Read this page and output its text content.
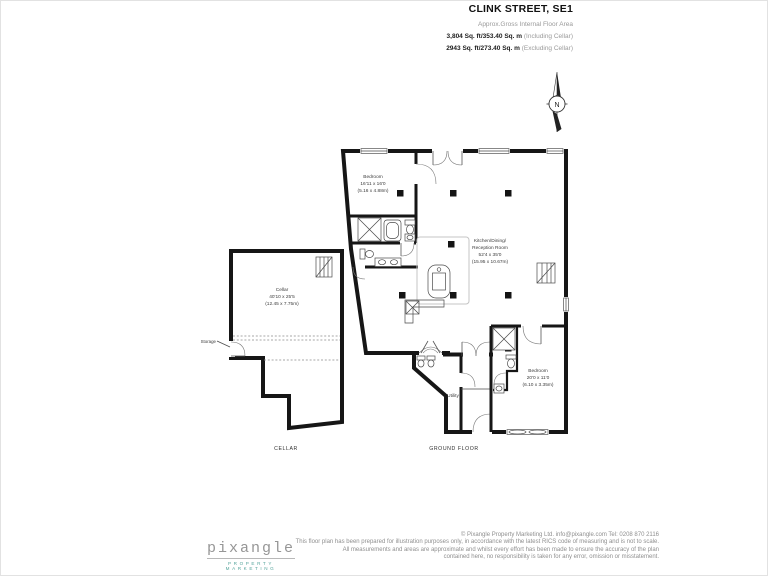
CLINK STREET, SE1
Approx.Gross Internal Floor Area
3,804 Sq. ft/353.40 Sq. m (Including Cellar)
2943 Sq. ft/273.40 Sq. m (Excluding Cellar)
N
Storage
Cellar
40'10 x 25'5
(12.45 x 7.75m)
CELLAR
Bedroom
16'11 x 16'0
(5.16 x 4.88m)
Kitchen/Dining/
Reception Room
52'4 x 35'0
(15.95 x 10.67m)
Bedroom
20'0 x 11'0
(6.10 x 3.35m)
Utility
GROUND FLOOR
pixangle
PROPERTY MARKETING
© Pixangle Property Marketing Ltd. info@pixangle.com Tel: 0208 870 2116
This floor plan has been prepared for illustration purposes only, in accordance with the latest RICS code of measuring and is not to scale.
All measurements and areas are approximate and whilst every effort has been made to ensure the accuracy of the plan
contained here, no responsibility is taken for any error, omission or misstatement.
